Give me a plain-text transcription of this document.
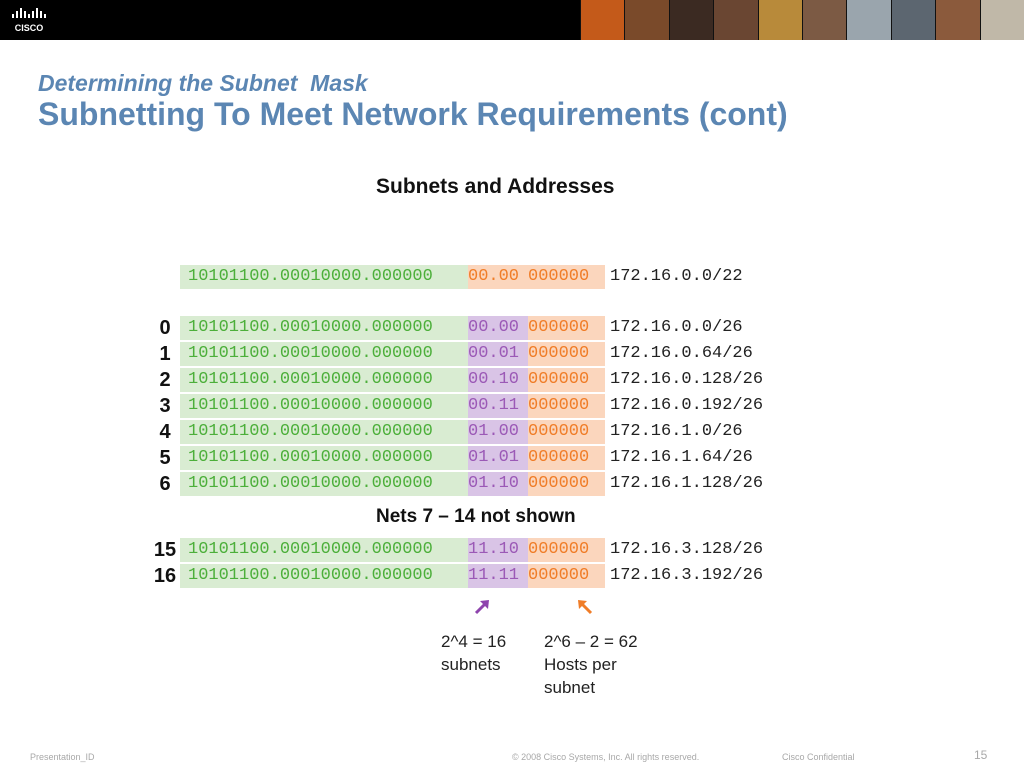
CISCO
Determining the Subnet  Mask
Subnetting To Meet Network Requirements (cont)
Subnets and Addresses
10101100.00010000.000000	00.00 000000	172.16.0.0/22
0	10101100.00010000.000000	00.00 000000	172.16.0.0/26
1	10101100.00010000.000000	00.01 000000	172.16.0.64/26
2	10101100.00010000.000000	00.10 000000	172.16.0.128/26
3	10101100.00010000.000000	00.11 000000	172.16.0.192/26
4	10101100.00010000.000000	01.00 000000	172.16.1.0/26
5	10101100.00010000.000000	01.01 000000	172.16.1.64/26
6	10101100.00010000.000000	01.10 000000	172.16.1.128/26
Nets 7 – 14 not shown
15 10101100.00010000.000000	11.10 000000	172.16.3.128/26
16 10101100.00010000.000000	11.11 000000	172.16.3.192/26
2^4 = 16
subnets
2^6 – 2 = 62
Hosts per
subnet
Presentation_ID	© 2008 Cisco Systems, Inc. All rights reserved.	Cisco Confidential	15
